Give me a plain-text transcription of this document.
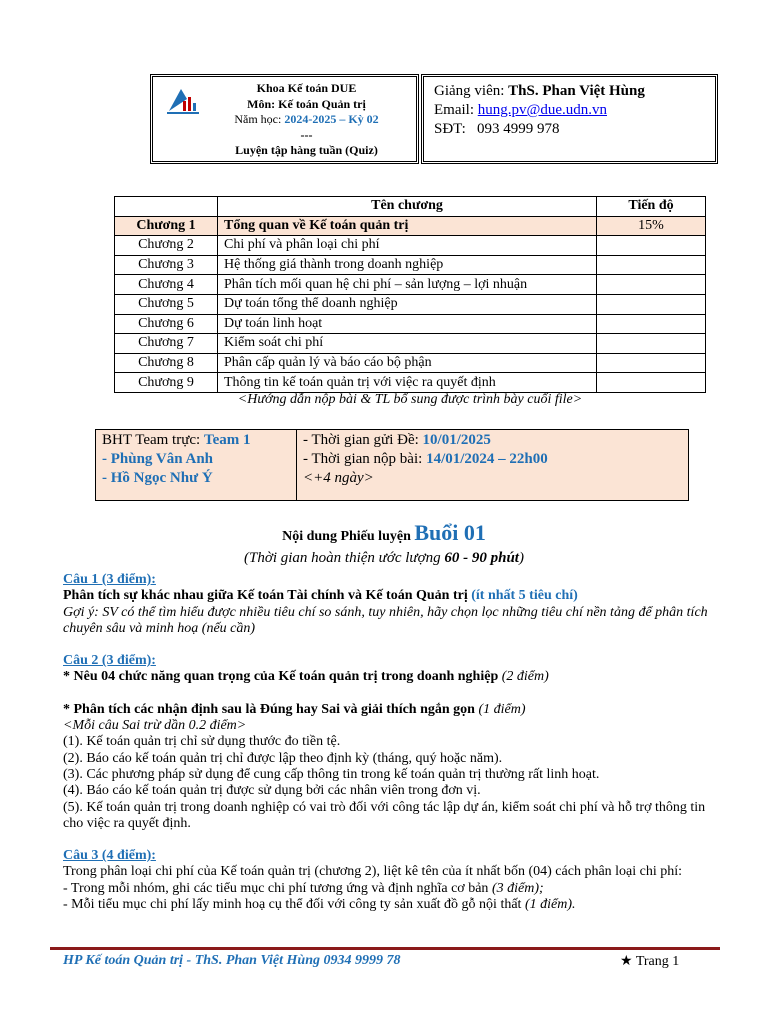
Khoa Kế toán DUE
Môn: Kế toán Quản trị
Năm học: 2024-2025 – Kỳ 02
---
Luyện tập hàng tuần (Quiz)
Giảng viên: ThS. Phan Việt Hùng
Email: hung.pv@due.udn.vn
SĐT: 093 4999 978
	Tên chương	Tiến độ
Chương 1	Tổng quan về Kế toán quản trị	15%
Chương 2	Chi phí và phân loại chi phí	
Chương 3	Hệ thống giá thành trong doanh nghiệp	
Chương 4	Phân tích mối quan hệ chi phí – sản lượng – lợi nhuận	
Chương 5	Dự toán tổng thể doanh nghiệp	
Chương 6	Dự toán linh hoạt	
Chương 7	Kiểm soát chi phí	
Chương 8	Phân cấp quản lý và báo cáo bộ phận	
Chương 9	Thông tin kế toán quản trị với việc ra quyết định	
<Hướng dẫn nộp bài & TL bổ sung được trình bày cuối file>
BHT Team trực: Team 1
- Phùng Vân Anh
- Hồ Ngọc Như Ý
- Thời gian gửi Đề: 10/01/2025
- Thời gian nộp bài: 14/01/2024 – 22h00
<+4 ngày>
Nội dung Phiếu luyện Buổi 01
(Thời gian hoàn thiện ước lượng 60 - 90 phút)

Câu 1 (3 điểm):

Phân tích sự khác nhau giữa Kế toán Tài chính và Kế toán Quản trị (ít nhất 5 tiêu chí)

Gợi ý: SV có thể tìm hiểu được nhiều tiêu chí so sánh, tuy nhiên, hãy chọn lọc những tiêu chí nền tảng để phân tích chuyên sâu và minh hoạ (nếu cần)

Câu 2 (3 điểm):

* Nêu 04 chức năng quan trọng của Kế toán quản trị trong doanh nghiệp (2 điểm)

* Phân tích các nhận định sau là Đúng hay Sai và giải thích ngắn gọn (1 điểm)

<Mỗi câu Sai trừ dần 0.2 điểm>

(1). Kế toán quản trị chỉ sử dụng thước đo tiền tệ.

(2). Báo cáo kế toán quản trị chỉ được lập theo định kỳ (tháng, quý hoặc năm).

(3). Các phương pháp sử dụng để cung cấp thông tin trong kế toán quản trị thường rất linh hoạt.

(4). Báo cáo kế toán quản trị được sử dụng bởi các nhân viên trong đơn vị.

(5). Kế toán quản trị trong doanh nghiệp có vai trò đối với công tác lập dự án, kiểm soát chi phí và hỗ trợ thông tin cho việc ra quyết định.

Câu 3 (4 điểm):

Trong phân loại chi phí của Kế toán quản trị (chương 2), liệt kê tên của ít nhất bốn (04) cách phân loại chi phí:

- Trong mỗi nhóm, ghi các tiểu mục chi phí tương ứng và định nghĩa cơ bản (3 điểm);

- Mỗi tiểu mục chi phí lấy minh hoạ cụ thể đối với công ty sản xuất đồ gỗ nội thất (1 điểm).

HP Kế toán Quản trị - ThS. Phan Việt Hùng 0934 9999 78	★ Trang 1
